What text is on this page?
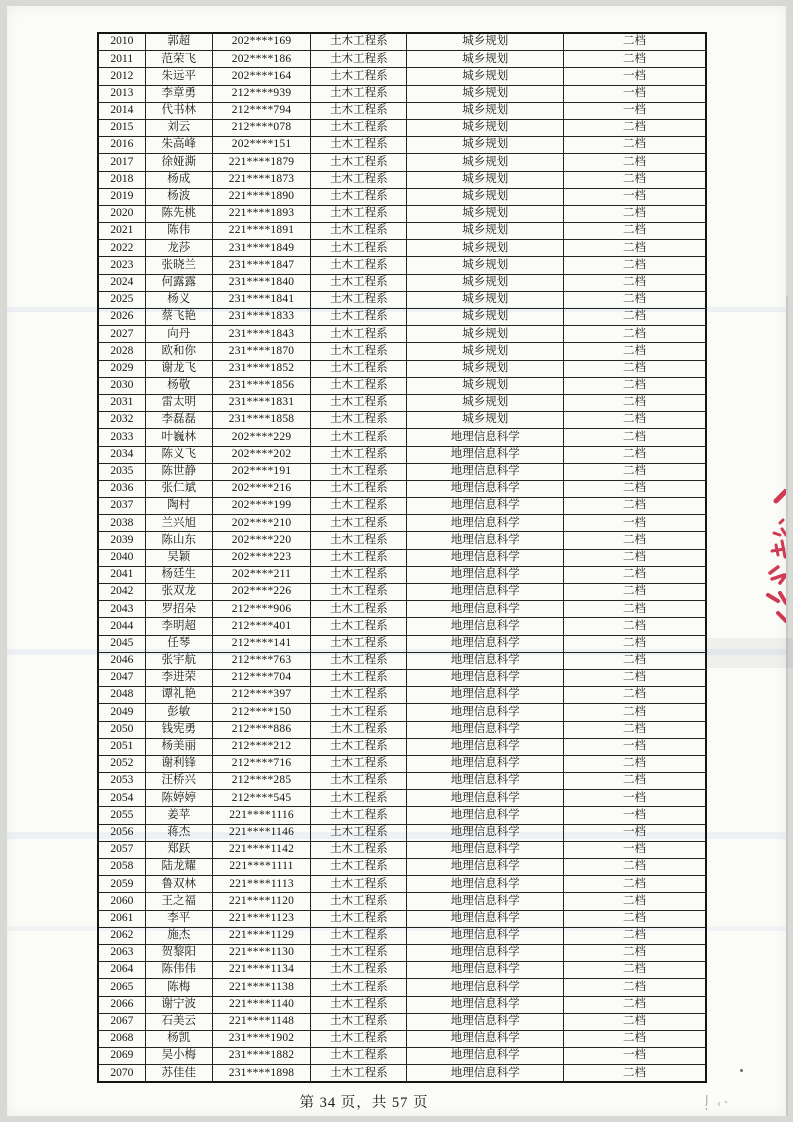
2010	郭超	202****169	土木工程系	城乡规划	二档
2011	范荣飞	202****186	土木工程系	城乡规划	二档
2012	朱远平	202****164	土木工程系	城乡规划	一档
2013	李章勇	212****939	土木工程系	城乡规划	一档
2014	代书林	212****794	土木工程系	城乡规划	一档
2015	刘云	212****078	土木工程系	城乡规划	二档
2016	朱高峰	202****151	土木工程系	城乡规划	二档
2017	徐娅澌	221****1879	土木工程系	城乡规划	二档
2018	杨成	221****1873	土木工程系	城乡规划	二档
2019	杨波	221****1890	土木工程系	城乡规划	一档
2020	陈先桃	221****1893	土木工程系	城乡规划	二档
2021	陈伟	221****1891	土木工程系	城乡规划	二档
2022	龙莎	231****1849	土木工程系	城乡规划	二档
2023	张晓兰	231****1847	土木工程系	城乡规划	二档
2024	何露露	231****1840	土木工程系	城乡规划	二档
2025	杨义	231****1841	土木工程系	城乡规划	二档
2026	蔡飞艳	231****1833	土木工程系	城乡规划	二档
2027	向丹	231****1843	土木工程系	城乡规划	二档
2028	欧和你	231****1870	土木工程系	城乡规划	二档
2029	谢龙飞	231****1852	土木工程系	城乡规划	二档
2030	杨敬	231****1856	土木工程系	城乡规划	二档
2031	雷太明	231****1831	土木工程系	城乡规划	二档
2032	李磊磊	231****1858	土木工程系	城乡规划	二档
2033	叶巍林	202****229	土木工程系	地理信息科学	二档
2034	陈义飞	202****202	土木工程系	地理信息科学	二档
2035	陈世静	202****191	土木工程系	地理信息科学	二档
2036	张仁斌	202****216	土木工程系	地理信息科学	二档
2037	陶村	202****199	土木工程系	地理信息科学	二档
2038	兰兴旭	202****210	土木工程系	地理信息科学	一档
2039	陈山东	202****220	土木工程系	地理信息科学	二档
2040	吴颖	202****223	土木工程系	地理信息科学	二档
2041	杨廷生	202****211	土木工程系	地理信息科学	二档
2042	张双龙	202****226	土木工程系	地理信息科学	二档
2043	罗招朵	212****906	土木工程系	地理信息科学	二档
2044	李明超	212****401	土木工程系	地理信息科学	二档
2045	任琴	212****141	土木工程系	地理信息科学	二档
2046	张宇航	212****763	土木工程系	地理信息科学	二档
2047	李进荣	212****704	土木工程系	地理信息科学	二档
2048	谭礼艳	212****397	土木工程系	地理信息科学	二档
2049	彭敏	212****150	土木工程系	地理信息科学	二档
2050	钱宪勇	212****886	土木工程系	地理信息科学	二档
2051	杨美丽	212****212	土木工程系	地理信息科学	一档
2052	谢利锋	212****716	土木工程系	地理信息科学	二档
2053	汪桥兴	212****285	土木工程系	地理信息科学	二档
2054	陈婷婷	212****545	土木工程系	地理信息科学	一档
2055	姜苹	221****1116	土木工程系	地理信息科学	一档
2056	蒋杰	221****1146	土木工程系	地理信息科学	一档
2057	郑跃	221****1142	土木工程系	地理信息科学	一档
2058	陆龙耀	221****1111	土木工程系	地理信息科学	二档
2059	鲁双林	221****1113	土木工程系	地理信息科学	二档
2060	王之福	221****1120	土木工程系	地理信息科学	二档
2061	李平	221****1123	土木工程系	地理信息科学	二档
2062	施杰	221****1129	土木工程系	地理信息科学	二档
2063	贺黎阳	221****1130	土木工程系	地理信息科学	二档
2064	陈伟伟	221****1134	土木工程系	地理信息科学	二档
2065	陈梅	221****1138	土木工程系	地理信息科学	二档
2066	谢宁波	221****1140	土木工程系	地理信息科学	二档
2067	石美云	221****1148	土木工程系	地理信息科学	二档
2068	杨凯	231****1902	土木工程系	地理信息科学	二档
2069	吴小梅	231****1882	土木工程系	地理信息科学	一档
2070	苏佳佳	231****1898	土木工程系	地理信息科学	二档
第 34 页，共 57 页
